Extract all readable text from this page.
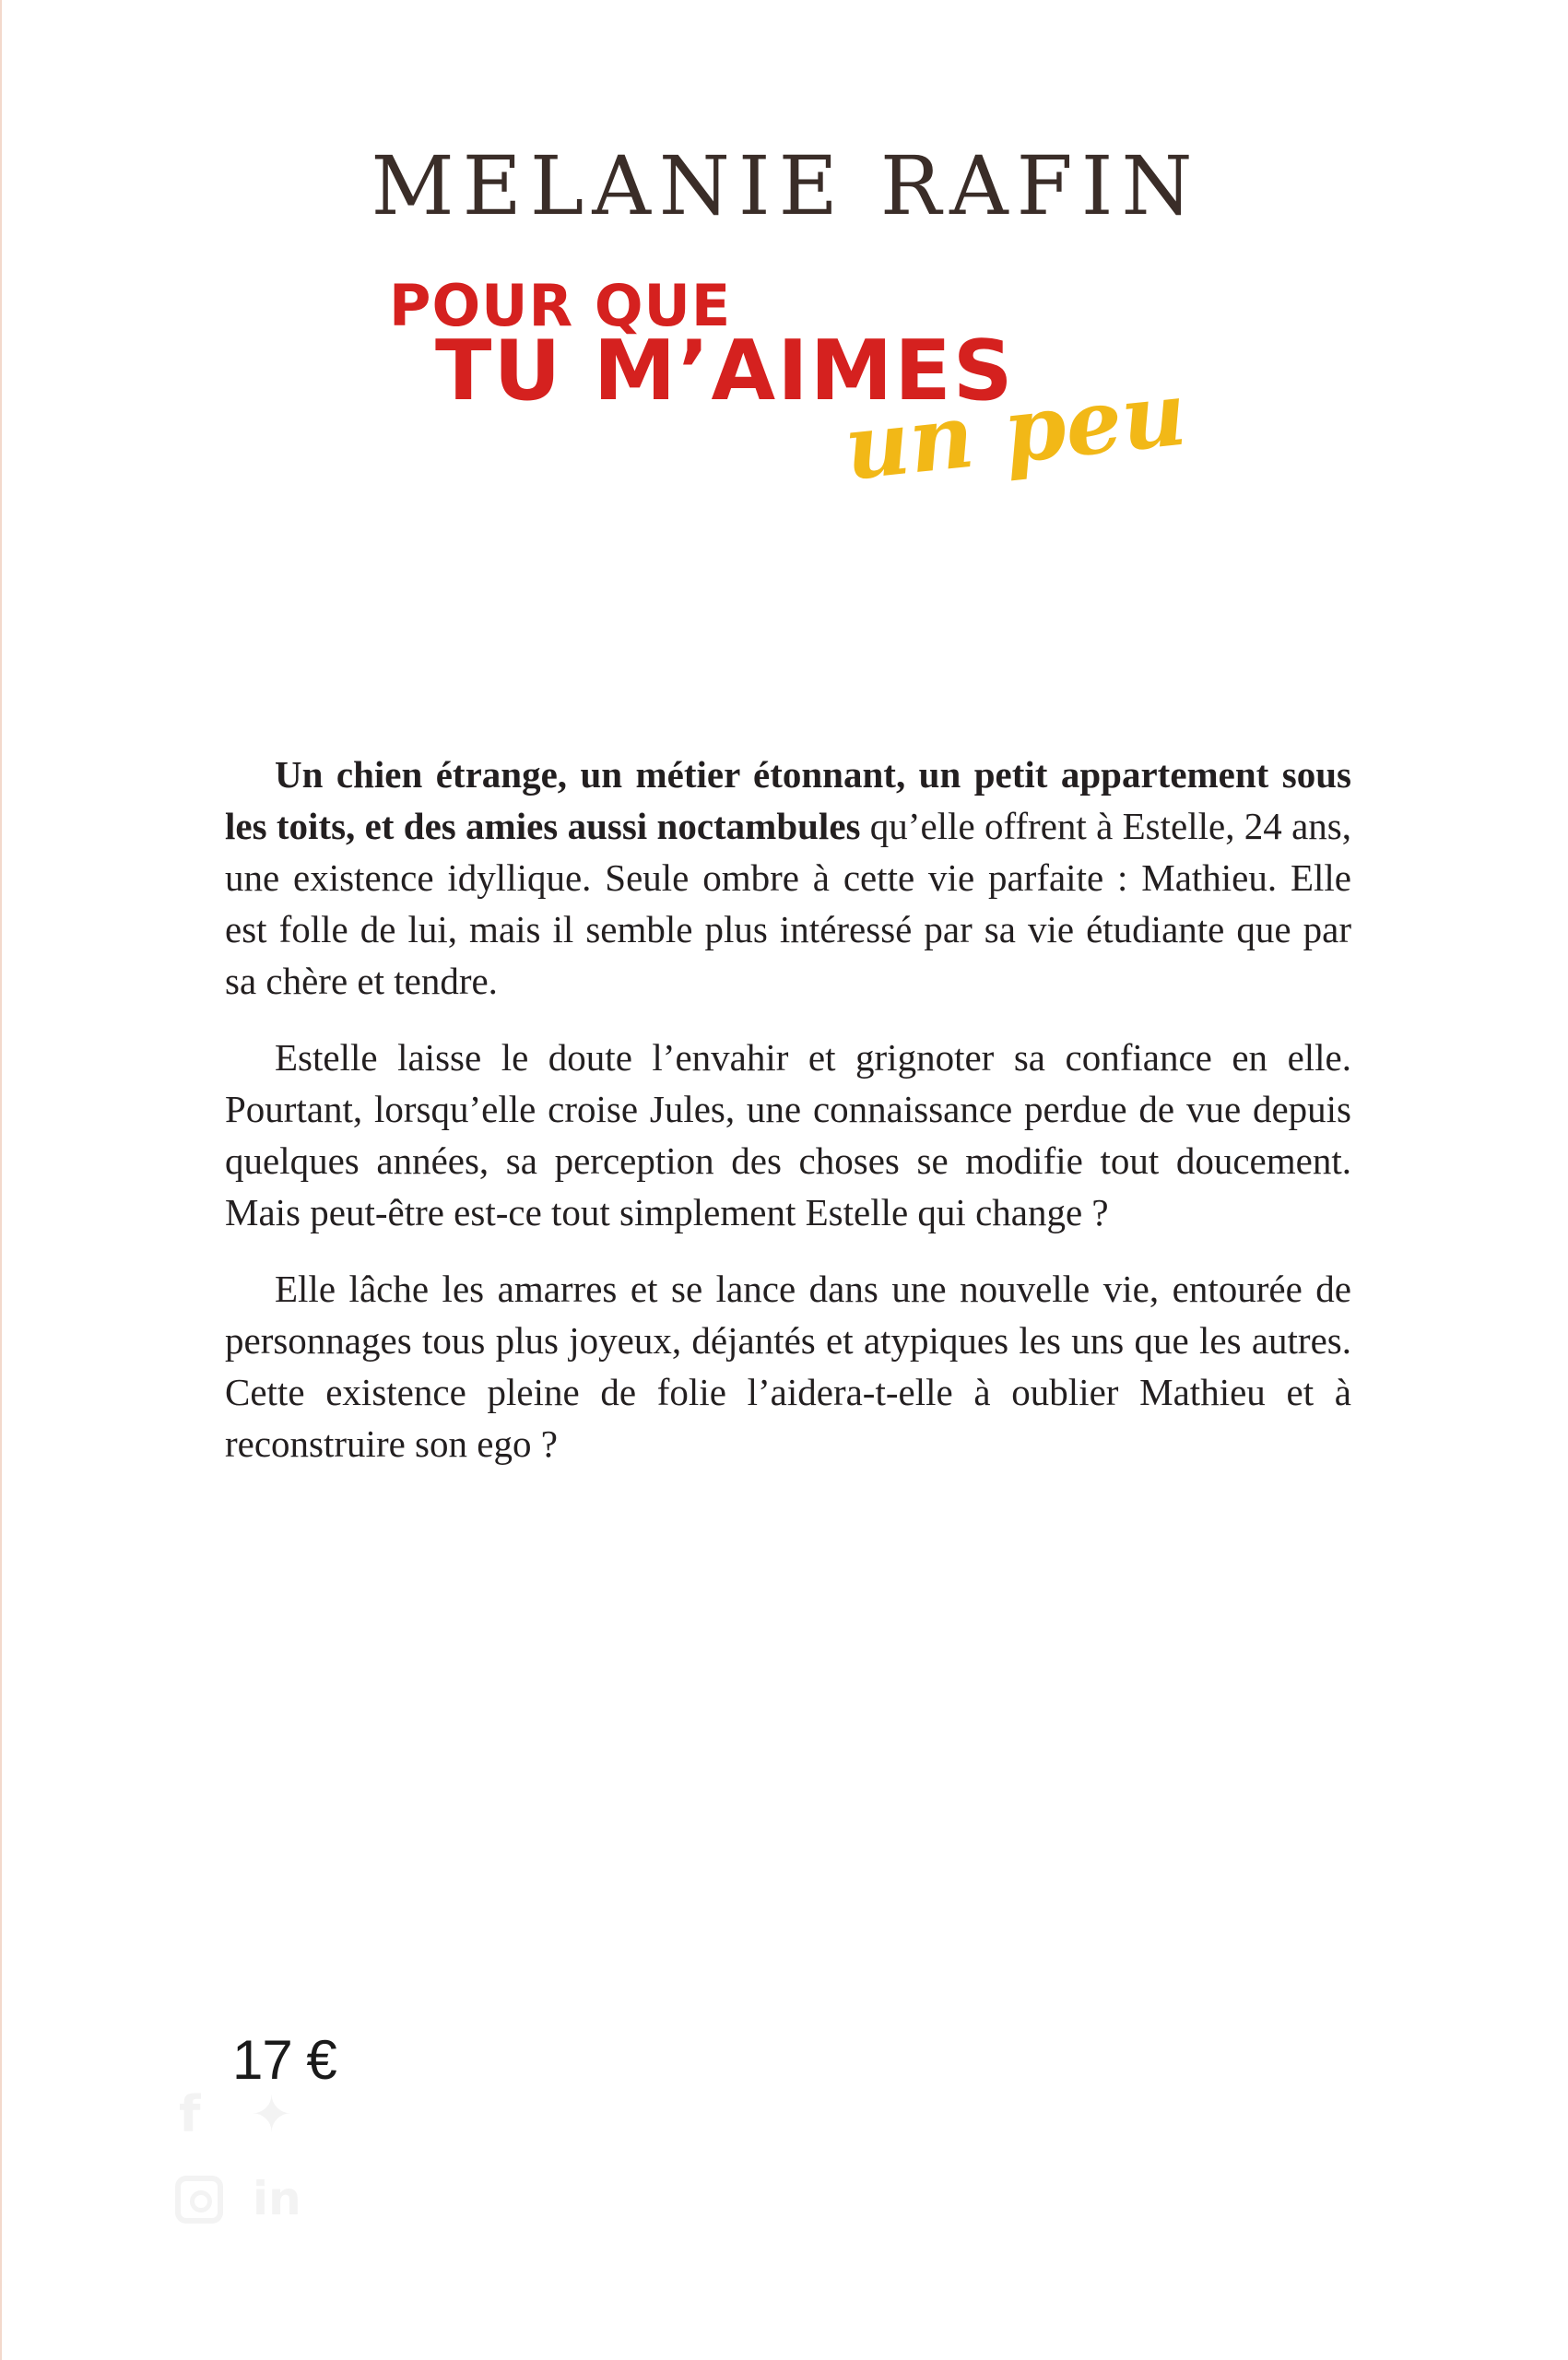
MELANIE RAFIN
POUR QUE
TU M’AIMES
un peu

Un chien étrange, un métier étonnant, un petit appartement sous les toits, et des amies aussi noctambules qu’elle offrent à Estelle, 24 ans, une existence idyllique. Seule ombre à cette vie parfaite : Mathieu. Elle est folle de lui, mais il semble plus intéressé par sa vie étudiante que par sa chère et tendre.

Estelle laisse le doute l’envahir et grignoter sa confiance en elle. Pourtant, lorsqu’elle croise Jules, une connaissance perdue de vue depuis quelques années, sa perception des choses se modifie tout doucement. Mais peut-être est-ce tout simplement Estelle qui change ?

Elle lâche les amarres et se lance dans une nouvelle vie, entourée de personnages tous plus joyeux, déjantés et atypiques les uns que les autres. Cette existence pleine de folie l’aidera-t-elle à oublier Mathieu et à reconstruire son ego ?

17 €
f ✦
in
